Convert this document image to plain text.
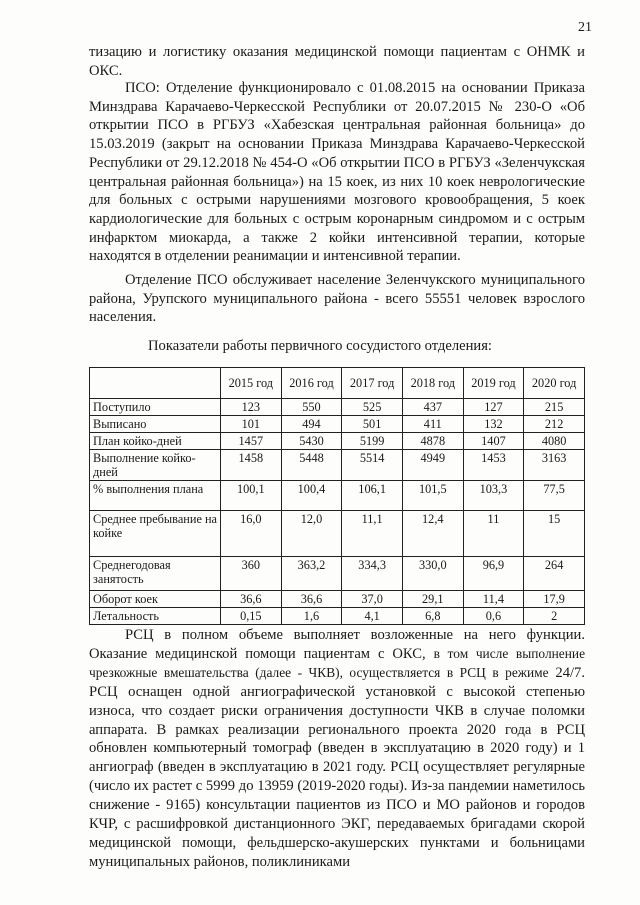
21

тизацию и логистику оказания медицинской помощи пациентам с ОНМК и ОКС.

ПСО: Отделение функционировало с 01.08.2015 на основании Приказа Минздрава Карачаево-Черкесской Республики от 20.07.2015 № 230-О «Об открытии ПСО в РГБУЗ «Хабезская центральная районная больница» до 15.03.2019 (закрыт на основании Приказа Минздрава Карачаево-Черкесской Республики от 29.12.2018 № 454-О «Об открытии ПСО в РГБУЗ «Зеленчукская центральная районная больница») на 15 коек, из них 10 коек неврологические для больных с острыми нарушениями мозгового кровообращения, 5 коек кардиологические для больных с острым коронарным синдромом и с острым инфарктом миокарда, а также 2 койки интенсивной терапии, которые находятся в отделении реанимации и интенсивной терапии.

Отделение ПСО обслуживает население Зеленчукского муниципального района, Урупского муниципального района - всего 55551 человек взрослого населения.

Показатели работы первичного сосудистого отделения:
	2015 год	2016 год	2017 год	2018 год	2019 год	2020 год
Поступило	123	550	525	437	127	215
Выписано	101	494	501	411	132	212
План койко-дней	1457	5430	5199	4878	1407	4080
Выполнение койко-дней	1458	5448	5514	4949	1453	3163
% выполнения плана	100,1	100,4	106,1	101,5	103,3	77,5
Среднее пребывание на койке	16,0	12,0	11,1	12,4	11	15
Среднегодовая занятость	360	363,2	334,3	330,0	96,9	264
Оборот коек	36,6	36,6	37,0	29,1	11,4	17,9
Летальность	0,15	1,6	4,1	6,8	0,6	2

РСЦ в полном объеме выполняет возложенные на него функции. Оказание медицинской помощи пациентам с ОКС, в том числе выполнение чрезкожные вмешательства (далее - ЧКВ), осуществляется в РСЦ в режиме 24/7. РСЦ оснащен одной ангиографической установкой с высокой степенью износа, что создает риски ограничения доступности ЧКВ в случае поломки аппарата. В рамках реализации регионального проекта 2020 года в РСЦ обновлен компьютерный томограф (введен в эксплуатацию в 2020 году) и 1 ангиограф (введен в эксплуатацию в 2021 году. РСЦ осуществляет регулярные (число их растет с 5999 до 13959 (2019-2020 годы). Из-за пандемии наметилось снижение - 9165) консультации пациентов из ПСО и МО районов и городов КЧР, с расшифровкой дистанционного ЭКГ, передаваемых бригадами скорой медицинской помощи, фельдшерско-акушерских пунктами и больницами муниципальных районов, поликлиниками
